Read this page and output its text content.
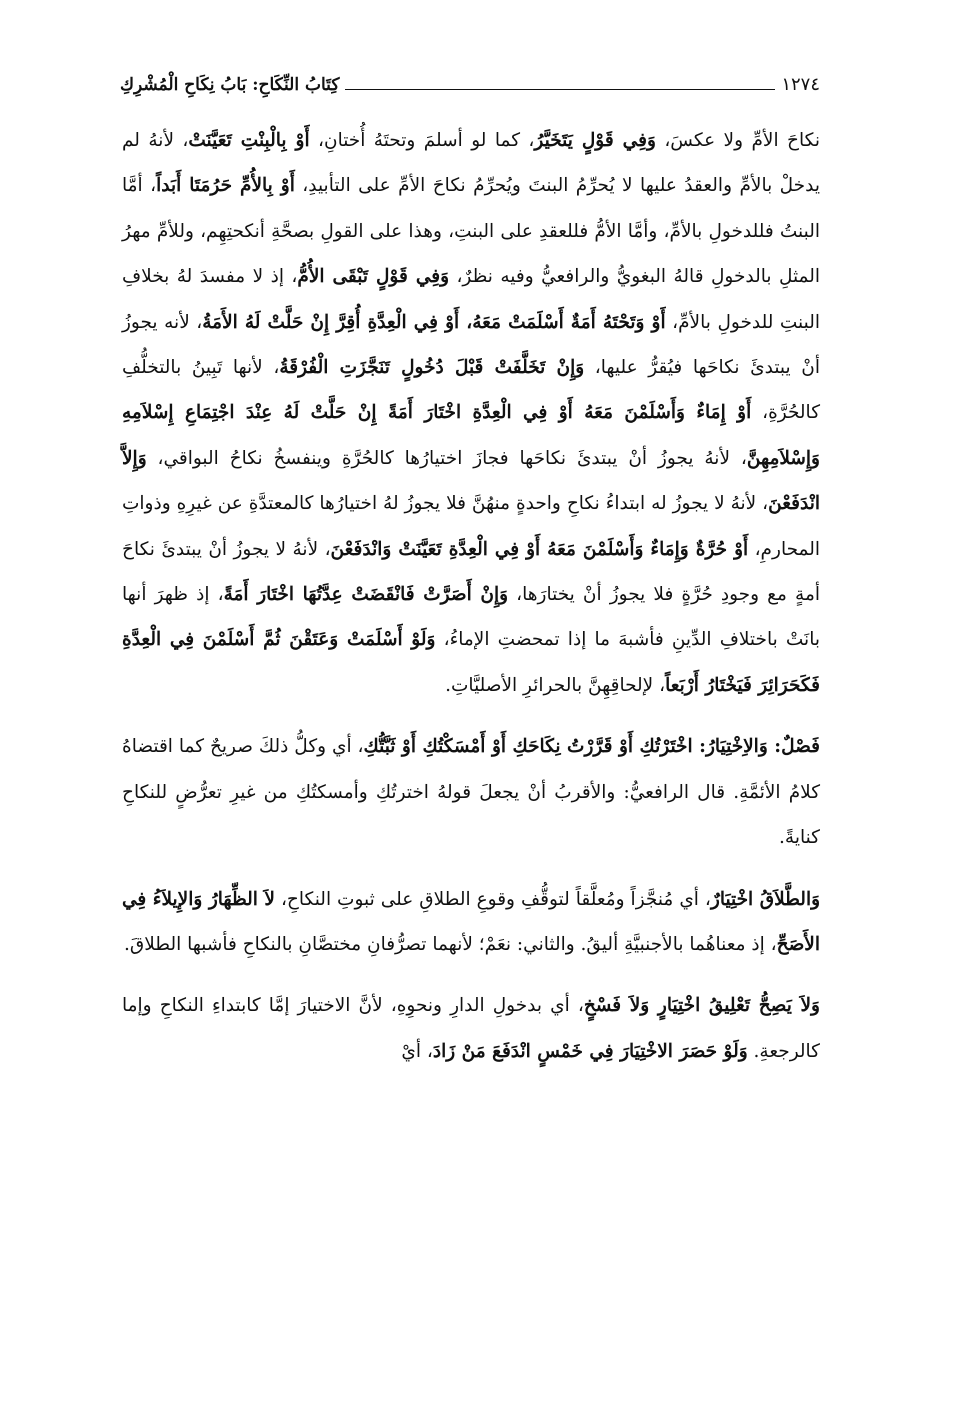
١٢٧٤
كِتَابُ النِّكَاحِ: بَابُ نِكَاحِ الْمُشْرِكِ

نكاحَ الأمِّ ولا عكسَ، وَفِي قَوْلٍ يَتَخَيَّرُ، كما لو أسلمَ وتحتَهُ أُختانِ، أَوْ بِالْبِنْتِ تَعَيَّنَتْ، لأنهُ لم يدخلْ بالأمِّ والعقدُ عليها لا يُحرِّمُ البنتَ ويُحرِّمُ نكاحَ الأمِّ على التأبيدِ، أَوْ بِالأُمِّ حَرُمَتَا أَبَداً، أمَّا البنتُ فللدخولِ بالأمِّ، وأمَّا الأمُّ فللعقدِ على البنتِ، وهذا على القولِ بصحَّةِ أنكحتِهِم، وللأمِّ مهرُ المثلِ بالدخولِ قالهُ البغويُّ والرافعيُّ وفيه نظرٌ، وَفِي قَوْلٍ تَبْقَى الأُمُّ، إذ لا مفسدَ لهُ بخلافِ البنتِ للدخولِ بالأمِّ، أَوْ وَتَحْتَهُ أَمَةٌ أَسْلَمَتْ مَعَهُ، أَوْ فِي الْعِدَّةِ أُقِرَّ إِنْ حَلَّتْ لَهُ الأَمَةُ، لأنه يجوزُ أنْ يبتدئَ نكاحَها فيُقرُّ عليها، وَإِنْ تَخَلَّفَتْ قَبْلَ دُخُولٍ تَنَجَّزَتِ الْفُرْقَةُ، لأنها تَبِينُ بالتخلُّفِ كالحُرَّةِ، أَوْ إِمَاءٌ وَأَسْلَمْنَ مَعَهُ أَوْ فِي الْعِدَّةِ اخْتَارَ أَمَةً إِنْ حَلَّتْ لَهُ عِنْدَ اجْتِمَاعِ إِسْلاَمِهِ وَإِسْلاَمِهِنَّ، لأنهُ يجوزُ أنْ يبتدئَ نكاحَها فجازَ اختيارُها كالحُرَّةِ وينفسخُ نكاحُ البواقي، وَإِلاَّ انْدَفَعْنَ، لأنهُ لا يجوزُ له ابتداءُ نكاحِ واحدةٍ منهُنَّ فلا يجوزُ لهُ اختيارُها كالمعتدَّةِ عن غيرِهِ وذواتِ المحارمِ، أَوْ حُرَّةٌ وَإِمَاءٌ وَأَسْلَمْنَ مَعَهُ أَوْ فِي الْعِدَّةِ تَعَيَّنَتْ وَانْدَفَعْنَ، لأنهُ لا يجوزُ أنْ يبتدئَ نكاحَ أمةٍ مع وجودِ حُرَّةٍ فلا يجوزُ أنْ يختارَها، وَإِنْ أَصَرَّتْ فَانْقَضَتْ عِدَّتُهَا اخْتَارَ أَمَةً، إذ ظهرَ أنها بانَتْ باختلافِ الدِّينِ فأشبهَ ما إذا تمحضتِ الإماءُ، وَلَوْ أَسْلَمَتْ وَعَتَقْنَ ثُمَّ أَسْلَمْنَ فِي الْعِدَّةِ فَكَحَرَائِرَ فَيَخْتَارُ أَرْبَعاً، لإلحاقِهِنَّ بالحرائرِ الأصليَّاتِ.

فَصْلٌ: وَالاِخْتِيَارُ: اخْتَرْتُكِ أَوْ قَرَّرْتُ نِكَاحَكِ أَوْ أَمْسَكْتُكِ أَوْ ثَبَّتُّكِ، أي وكلُّ ذلكَ صريحٌ كما اقتضاهُ كلامُ الأئمَّةِ. قال الرافعيُّ: والأقربُ أنْ يجعلَ قولهُ اخترتُكِ وأمسكتُكِ من غيرِ تعرُّضٍ للنكاحِ كنايةً.

وَالطَّلاَقُ اخْتِيَارٌ، أي مُنجَّزاً ومُعلَّقاً لتوقُّفِ وقوعِ الطلاقِ على ثبوتِ النكاحِ، لاَ الظِّهَارُ وَالإِيلاَءُ فِي الأَصَحِّ، إذ معناهُما بالأجنبيَّةِ أليقُ. والثاني: نعَمْ؛ لأنهما تصرُّفانِ مختصَّانِ بالنكاحِ فأشبها الطلاقَ.

وَلاَ يَصِحُّ تَعْلِيقُ اخْتِيَارٍ وَلاَ فَسْخٍ، أي بدخولِ الدارِ ونحوِهِ، لأنَّ الاختيارَ إمَّا كابتداءِ النكاحِ وإما كالرجعةِ. وَلَوْ حَصَرَ الاخْتِيَارَ فِي خَمْسٍ انْدَفَعَ مَنْ زَادَ، أيْ
